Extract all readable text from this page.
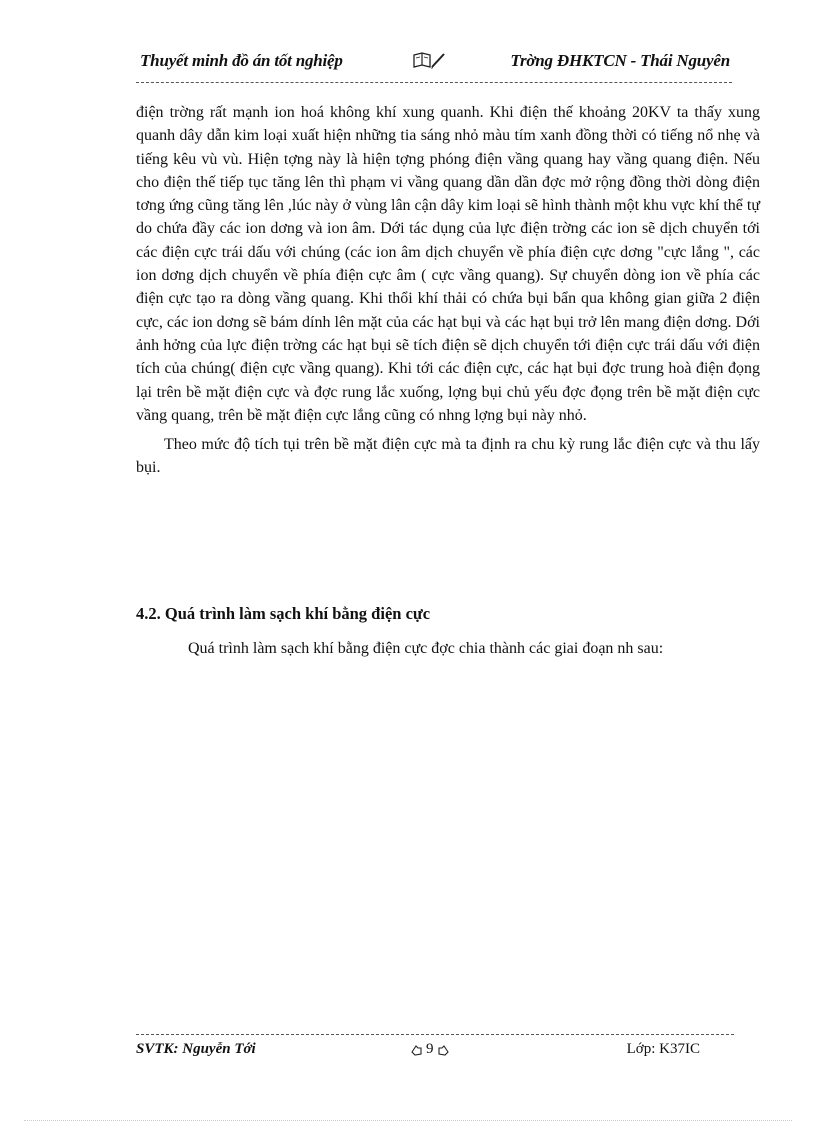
Thuyết minh đồ án tốt nghiệp	Trờng ĐHKTCN - Thái Nguyên

điện trờng rất mạnh ion hoá không khí xung quanh. Khi điện thế khoảng 20KV ta thấy xung quanh dây dẫn kim loại xuất hiện những tia sáng nhỏ màu tím xanh đồng thời có tiếng nổ nhẹ và tiếng kêu vù vù. Hiện tợng này là hiện tợng phóng điện vầng quang hay vầng quang điện. Nếu cho điện thế tiếp tục tăng lên thì phạm vi vầng quang dần dần đợc mở rộng đồng thời dòng điện tơng ứng cũng tăng lên ,lúc này ở vùng lân cận dây kim loại sẽ hình thành một khu vực khí thể tự do chứa đầy các ion dơng và ion âm. Dới tác dụng của lực điện trờng các ion sẽ dịch chuyển tới các điện cực trái dấu với chúng (các ion âm dịch chuyển về phía điện cực dơng "cực lắng ", các ion dơng dịch chuyển về phía điện cực âm ( cực vầng quang). Sự chuyển dòng ion về phía các điện cực tạo ra dòng vầng quang. Khi thổi khí thải có chứa bụi bẩn qua không gian giữa 2 điện cực, các ion dơng sẽ bám dính lên mặt của các hạt bụi và các hạt bụi trở lên mang điện dơng. Dới ảnh hởng của lực điện trờng các hạt bụi sẽ tích điện sẽ dịch chuyển tới điện cực trái dấu với điện tích của chúng( điện cực vầng quang). Khi tới các điện cực, các hạt bụi đợc trung hoà điện đọng lại trên bề mặt điện cực và đợc rung lắc xuống, lợng bụi chủ yếu đợc đọng trên bề mặt điện cực vầng quang, trên bề mặt điện cực lắng cũng có nhng lợng bụi này nhỏ.

Theo mức độ tích tụi trên bề mặt điện cực mà ta định ra chu kỳ rung lắc điện cực và thu lấy bụi.

4.2. Quá trình làm sạch khí bằng điện cực

Quá trình làm sạch khí bằng điện cực đợc chia thành các giai đoạn nh sau:

SVTK: Nguyễn Tới	9	Lớp: K37IC
